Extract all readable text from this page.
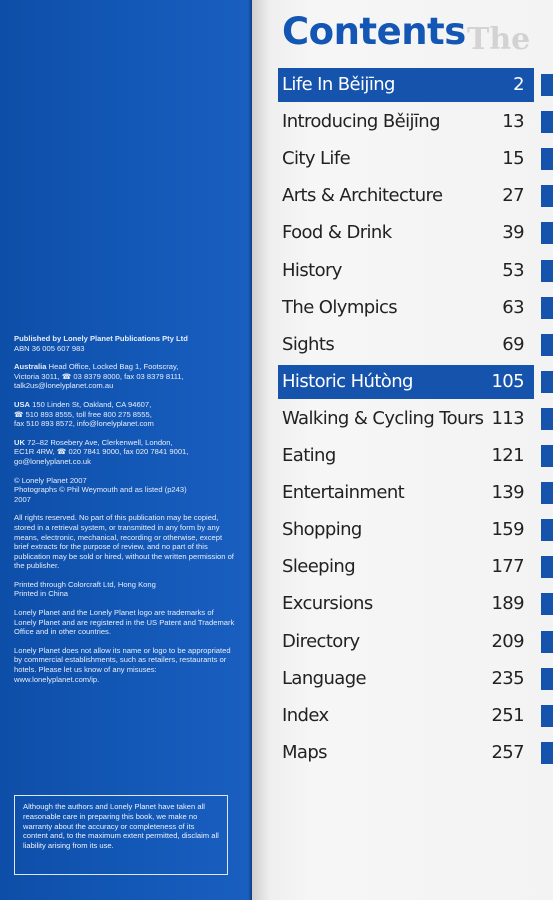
Published by Lonely Planet Publications Pty Ltd
ABN 36 005 607 983

Australia Head Office, Locked Bag 1, Footscray,
Victoria 3011, ☎ 03 8379 8000, fax 03 8379 8111,
talk2us@lonelyplanet.com.au

USA 150 Linden St, Oakland, CA 94607,
☎ 510 893 8555, toll free 800 275 8555,
fax 510 893 8572, info@lonelyplanet.com

UK 72–82 Rosebery Ave, Clerkenwell, London,
EC1R 4RW, ☎ 020 7841 9000, fax 020 7841 9001,
go@lonelyplanet.co.uk

© Lonely Planet 2007
Photographs © Phil Weymouth and as listed (p243)
2007

All rights reserved. No part of this publication may be copied, stored in a retrieval system, or transmitted in any form by any means, electronic, mechanical, recording or otherwise, except brief extracts for the purpose of review, and no part of this publication may be sold or hired, without the written permission of the publisher.

Printed through Colorcraft Ltd, Hong Kong
Printed in China

Lonely Planet and the Lonely Planet logo are trademarks of Lonely Planet and are registered in the US Patent and Trademark Office and in other countries.

Lonely Planet does not allow its name or logo to be appropriated by commercial establishments, such as retailers, restaurants or hotels. Please let us know of any misuses: www.lonelyplanet.com/ip.

Although the authors and Lonely Planet have taken all reasonable care in preparing this book, we make no warranty about the accuracy or completeness of its content and, to the maximum extent permitted, disclaim all liability arising from its use.
The
Contents
Life In Běijīng	2
Introducing Běijīng	13
City Life	15
Arts & Architecture	27
Food & Drink	39
History	53
The Olympics	63
Sights	69
Historic Hútòng	105
Walking & Cycling Tours 113
Eating	121
Entertainment	139
Shopping	159
Sleeping	177
Excursions	189
Directory	209
Language	235
Index	251
Maps	257
